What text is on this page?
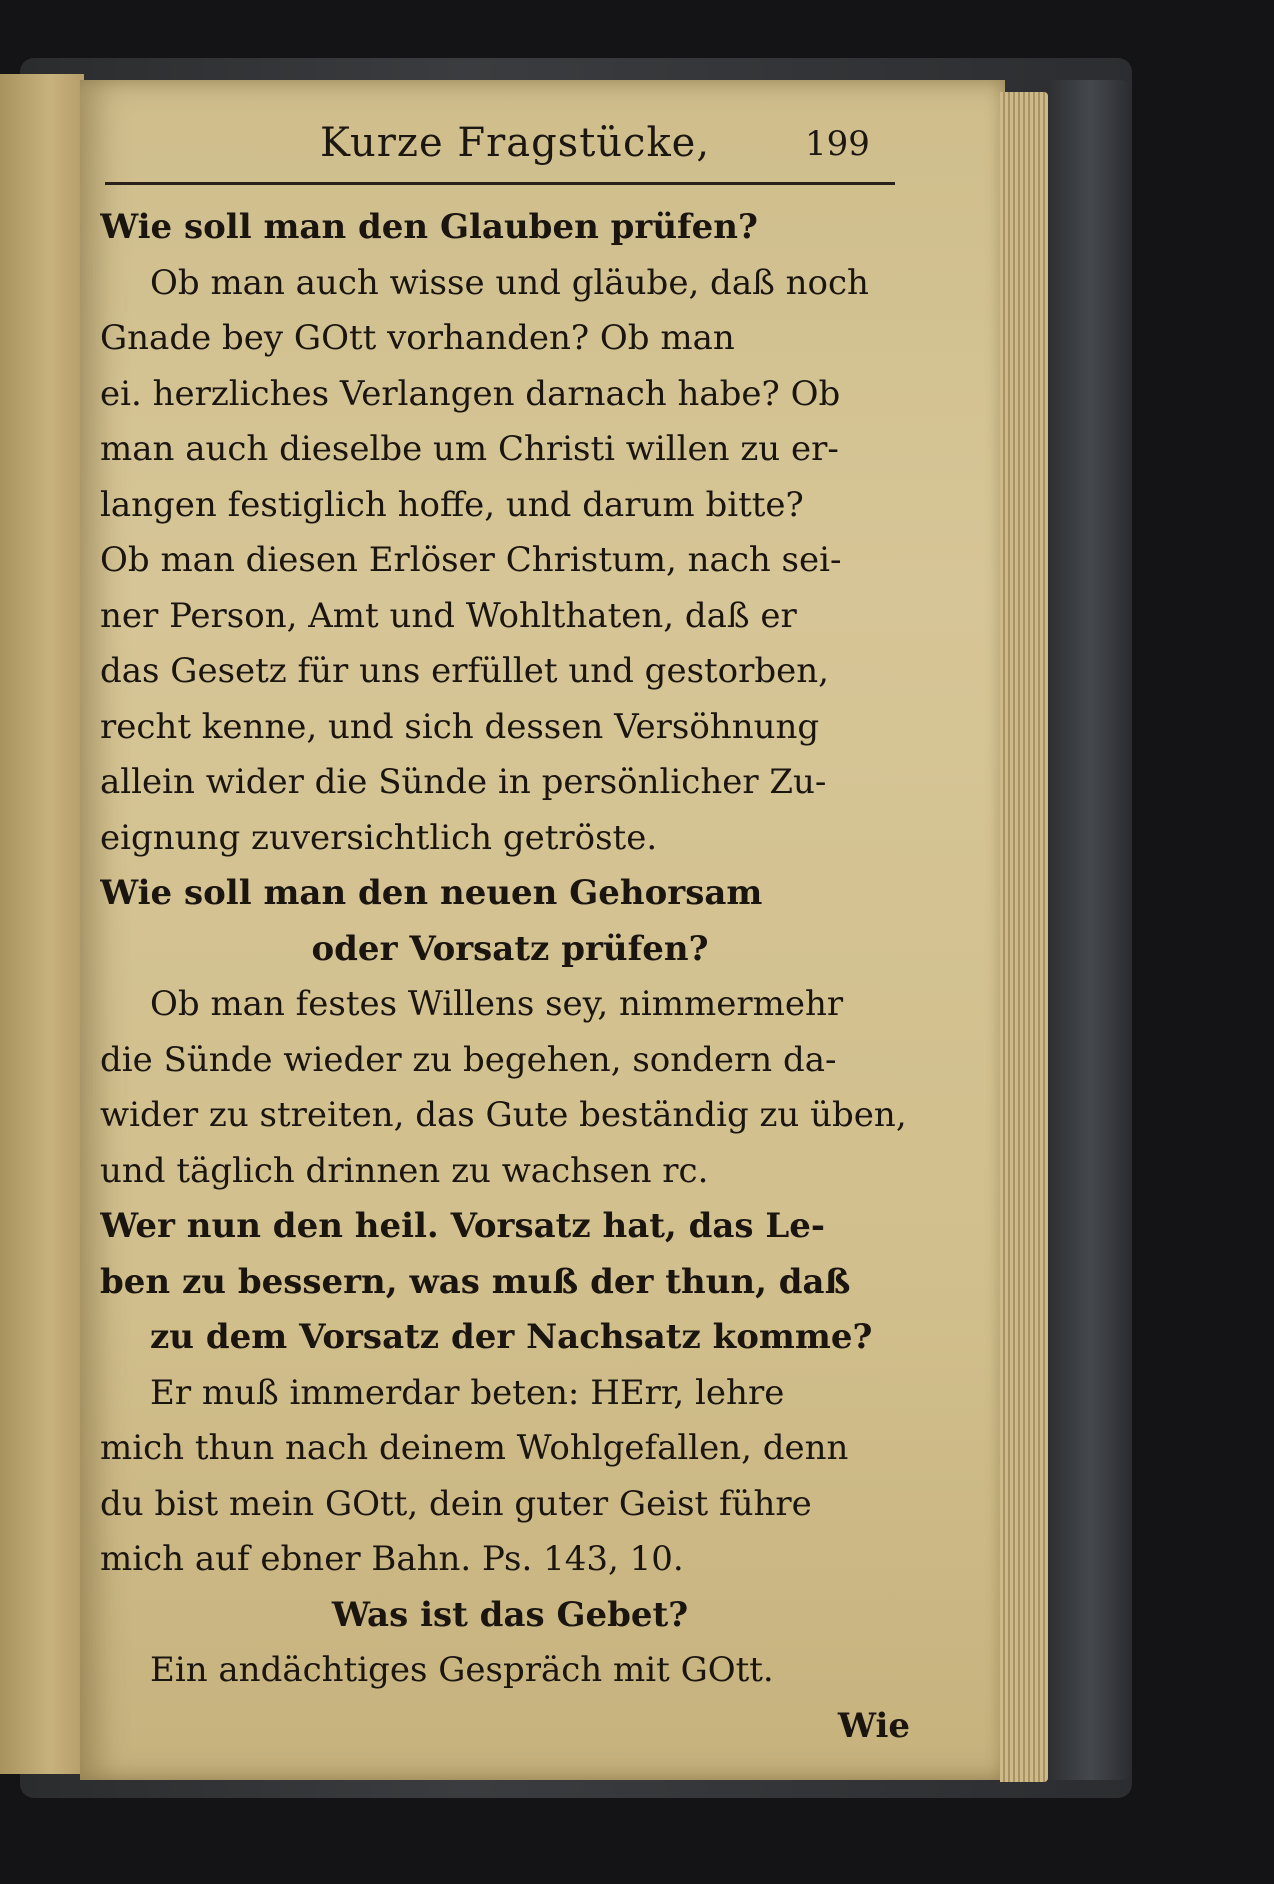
Kurze Fragstücke,	199
Wie soll man den Glauben prüfen?
Ob man auch wisse und gläube, daß noch
Gnade bey GOtt vorhanden? Ob man
ei. herzliches Verlangen darnach habe? Ob
man auch dieselbe um Christi willen zu er-
langen festiglich hoffe, und darum bitte?
Ob man diesen Erlöser Christum, nach sei-
ner Person, Amt und Wohlthaten, daß er
das Gesetz für uns erfüllet und gestorben,
recht kenne, und sich dessen Versöhnung
allein wider die Sünde in persönlicher Zu-
eignung zuversichtlich getröste.
Wie soll man den neuen Gehorsam
oder Vorsatz prüfen?
Ob man festes Willens sey, nimmermehr
die Sünde wieder zu begehen, sondern da-
wider zu streiten, das Gute beständig zu üben,
und täglich drinnen zu wachsen rc.
Wer nun den heil. Vorsatz hat, das Le-
ben zu bessern, was muß der thun, daß
zu dem Vorsatz der Nachsatz komme?
Er muß immerdar beten: HErr, lehre
mich thun nach deinem Wohlgefallen, denn
du bist mein GOtt, dein guter Geist führe
mich auf ebner Bahn. Ps. 143, 10.
Was ist das Gebet?
Ein andächtiges Gespräch mit GOtt.
Wie
